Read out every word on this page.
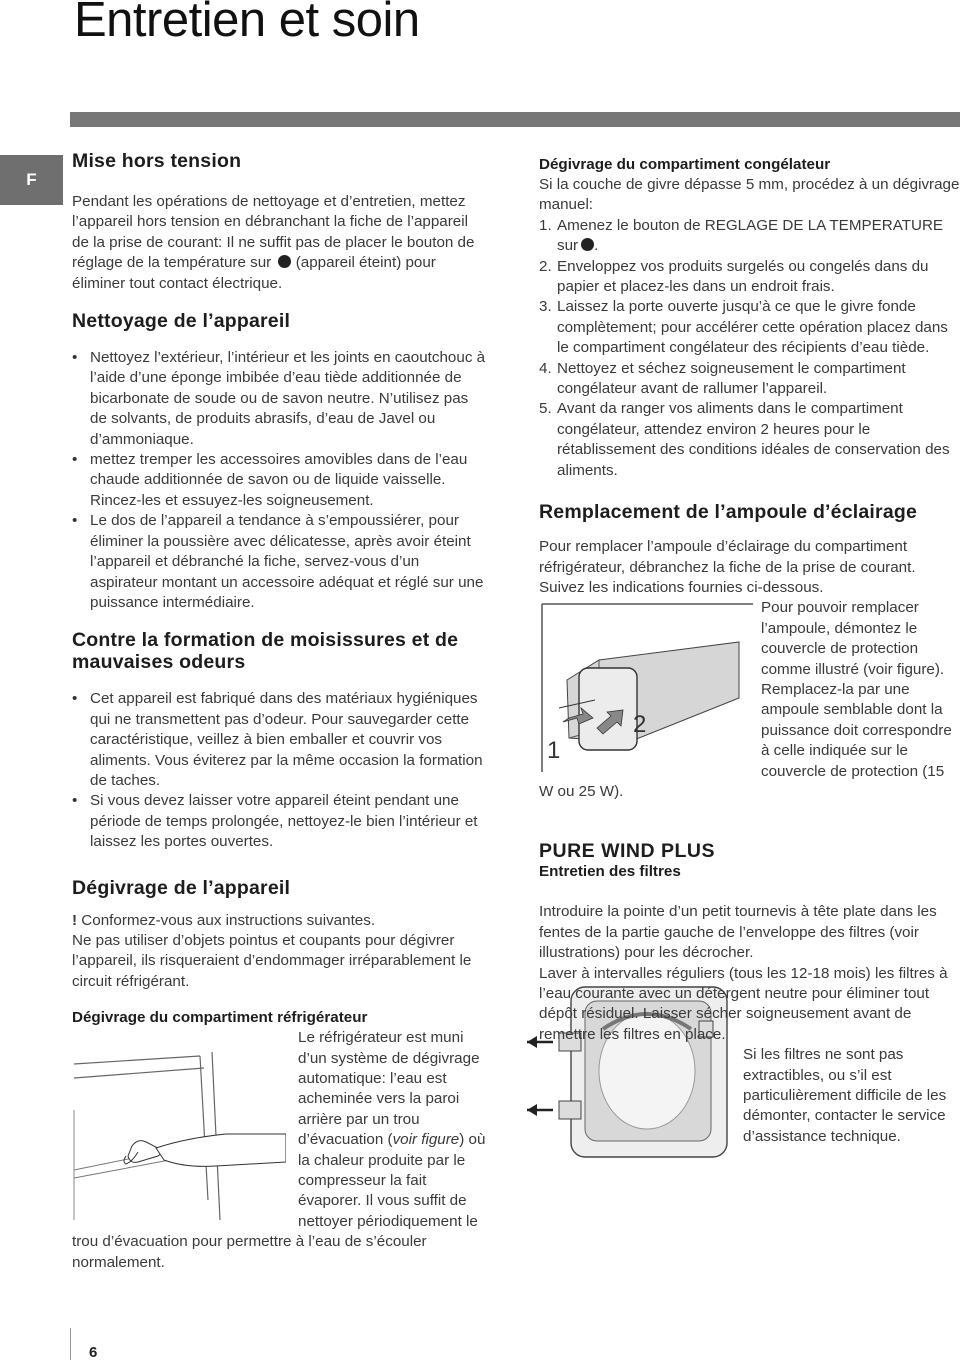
Entretien et soin
F
Mise hors tension

Pendant les opérations de nettoyage et d’entretien, mettez l’appareil hors tension en débranchant la fiche de l’appareil de la prise de courant: Il ne suffit pas de placer le bouton de réglage de la température sur (appareil éteint) pour éliminer tout contact électrique.

Nettoyage de l’appareil
• Nettoyez l’extérieur, l’intérieur et les joints en caoutchouc à l’aide d’une éponge imbibée d’eau tiède additionnée de bicarbonate de soude ou de savon neutre. N’utilisez pas de solvants, de produits abrasifs, d’eau de Javel ou d’ammoniaque.
• mettez tremper les accessoires amovibles dans de l’eau chaude additionnée de savon ou de liquide vaisselle. Rincez-les et essuyez-les soigneusement.
• Le dos de l’appareil a tendance à s’empoussiérer, pour éliminer la poussière avec délicatesse, après avoir éteint l’appareil et débranché la fiche, servez-vous d’un aspirateur montant un accessoire adéquat et réglé sur une puissance intermédiaire.
Contre la formation de moisissures et de mauvaises odeurs
• Cet appareil est fabriqué dans des matériaux hygiéniques qui ne transmettent pas d’odeur. Pour sauvegarder cette caractéristique, veillez à bien emballer et couvrir vos aliments. Vous éviterez par la même occasion la formation de taches.
• Si vous devez laisser votre appareil éteint pendant une période de temps prolongée, nettoyez-le bien l’intérieur et laissez les portes ouvertes.
Dégivrage de l’appareil

! Conformez-vous aux instructions suivantes.

Ne pas utiliser d’objets pointus et coupants pour dégivrer l’appareil, ils risqueraient d’endommager irréparablement le circuit réfrigérant.

Dégivrage du compartiment réfrigérateur

Le réfrigérateur est muni d’un système de dégivrage automatique: l’eau est acheminée vers la paroi arrière par un trou d’évacuation (voir figure) où la chaleur produite par le compresseur la fait évaporer. Il vous suffit de nettoyer périodiquement le trou d’évacuation pour permettre à l’eau de s’écouler normalement.

Dégivrage du compartiment congélateur

Si la couche de givre dépasse 5 mm, procédez à un dégivrage manuel:

1. Amenez le bouton de REGLAGE DE LA TEMPERATURE sur .
2. Enveloppez vos produits surgelés ou congelés dans du papier et placez-les dans un endroit frais.
3. Laissez la porte ouverte jusqu’à ce que le givre fonde complètement; pour accélérer cette opération placez dans le compartiment congélateur des récipients d’eau tiède.
4. Nettoyez et séchez soigneusement le compartiment congélateur avant de rallumer l’appareil.
5. Avant da ranger vos aliments dans le compartiment congélateur, attendez environ 2 heures pour le rétablissement des conditions idéales de conservation des aliments.
Remplacement de l’ampoule d’éclairage

Pour remplacer l’ampoule d’éclairage du compartiment réfrigérateur, débranchez la fiche de la prise de courant. Suivez les indications fournies ci-dessous.

1
2

Pour pouvoir remplacer l’ampoule, démontez le couvercle de protection comme illustré (voir figure). Remplacez-la par une ampoule semblable dont la puissance doit correspondre à celle indiquée sur le couvercle de protection (15 W ou 25 W).

PURE WIND PLUS
Entretien des filtres

Introduire la pointe d’un petit tournevis à tête plate dans les fentes de la partie gauche de l’enveloppe des filtres (voir illustrations) pour les décrocher.

Laver à intervalles réguliers (tous les 12-18 mois) les filtres à l’eau courante avec un détergent neutre pour éliminer tout dépôt résiduel. Laisser sécher soigneusement avant de remettre les filtres en place.

Si les filtres ne sont pas extractibles, ou s’il est particulièrement difficile de les démonter, contacter le service d’assistance technique.

6
